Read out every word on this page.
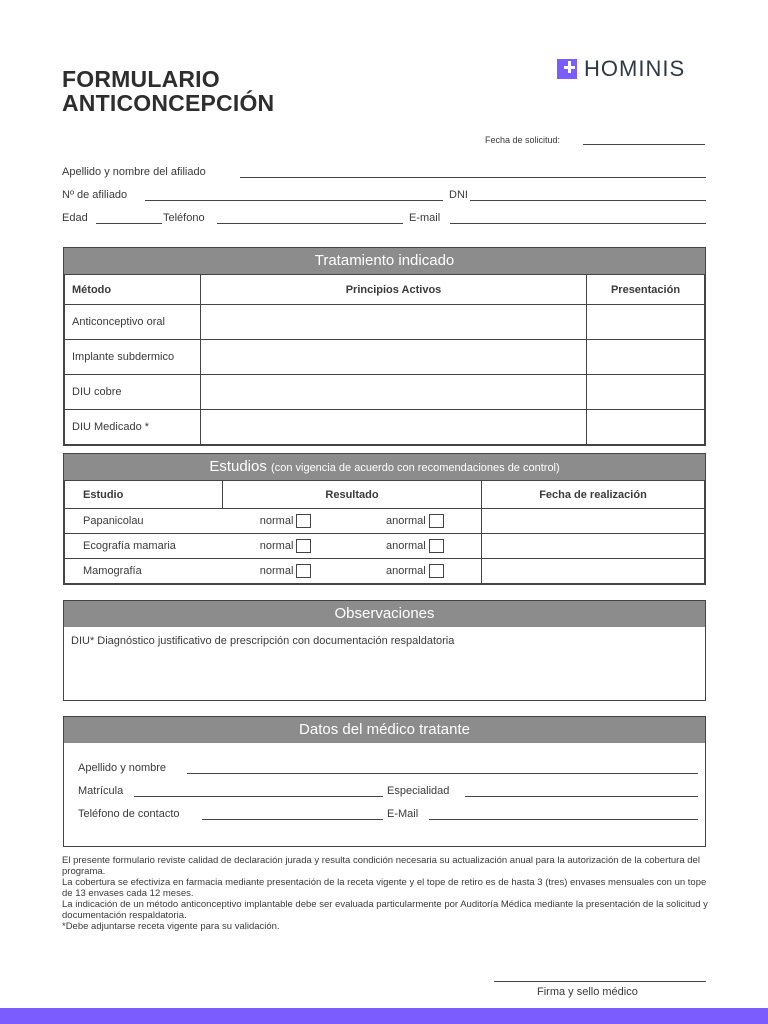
FORMULARIO
ANTICONCEPCIÓN
HOMINIS
Fecha de solicitud:
Apellido y nombre del afiliado
Nº de afiliado	DNI
Edad	Teléfono	E-mail
Tratamiento indicado
Método	Principios Activos	Presentación
Anticonceptivo oral		
Implante subdermico		
DIU cobre		
DIU Medicado *		
Estudios (con vigencia de acuerdo con recomendaciones de control)
Estudio	Resultado	Fecha de realización
Papanicolau	normal anormal	

Ecografía mamaria	normal anormal	

Mamografía	normal anormal	

Observaciones
DIU* Diagnóstico justificativo de prescripción con documentación respaldatoria
Datos del médico tratante
Apellido y nombre
Matrícula	Especialidad
Teléfono de contacto	E-Mail
El presente formulario reviste calidad de declaración jurada y resulta condición necesaria su actualización anual para la autorización de la cobertura del programa.
La cobertura se efectiviza en farmacia mediante presentación de la receta vigente y el tope de retiro es de hasta 3 (tres) envases mensuales con un tope de 13 envases cada 12 meses.
La indicación de un método anticonceptivo implantable debe ser evaluada particularmente por Auditoría Médica mediante la presentación de la solicitud y documentación respaldatoria.
*Debe adjuntarse receta vigente para su validación.
Firma y sello médico
